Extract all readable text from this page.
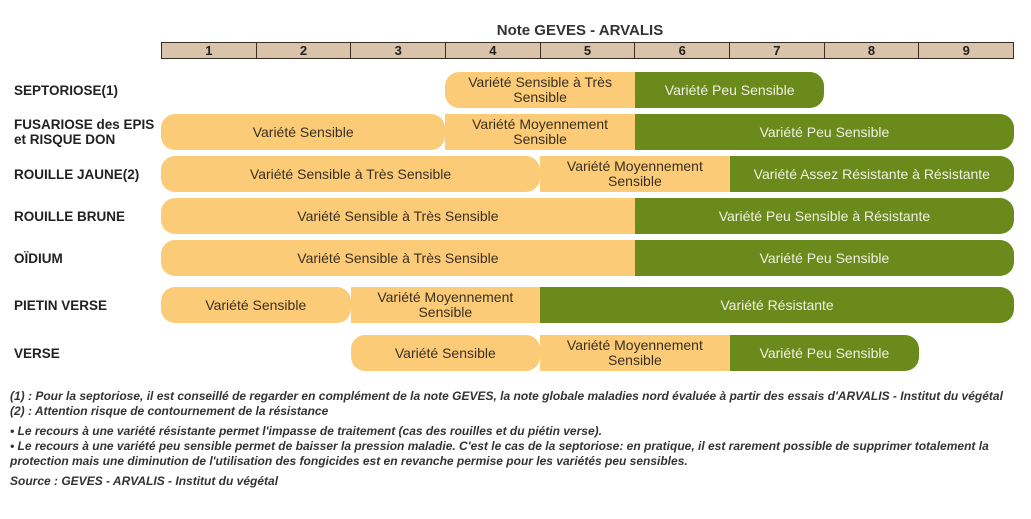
Note GEVES - ARVALIS
1	2	3	4	5	6	7	8	9
SEPTORIOSE(1)	Variété Sensible à Très Sensible	Variété Peu Sensible
FUSARIOSE des EPIS
et RISQUE DON	Variété Sensible	Variété Moyennement Sensible	Variété Peu Sensible
ROUILLE JAUNE(2)	Variété Sensible à Très Sensible	Variété Moyennement Sensible	Variété Assez Résistante à Résistante
ROUILLE BRUNE	Variété Sensible à Très Sensible	Variété Peu Sensible à Résistante
OÏDIUM	Variété Sensible à Très Sensible	Variété Peu Sensible
PIETIN VERSE	Variété Sensible	Variété Moyennement Sensible	Variété Résistante
VERSE	Variété Sensible	Variété Moyennement Sensible	Variété Peu Sensible

(1) : Pour la septoriose, il est conseillé de regarder en complément de la note GEVES, la note globale maladies nord évaluée à partir des essais d'ARVALIS - Institut du végétal

(2) : Attention risque de contournement de la résistance

• Le recours à une variété résistante permet l'impasse de traitement (cas des rouilles et du piétin verse).

• Le recours à une variété peu sensible permet de baisser la pression maladie. C'est le cas de la septoriose: en pratique, il est rarement possible de supprimer totalement la protection mais une diminution de l'utilisation des fongicides est en revanche permise pour les variétés peu sensibles.

Source : GEVES - ARVALIS - Institut du végétal
